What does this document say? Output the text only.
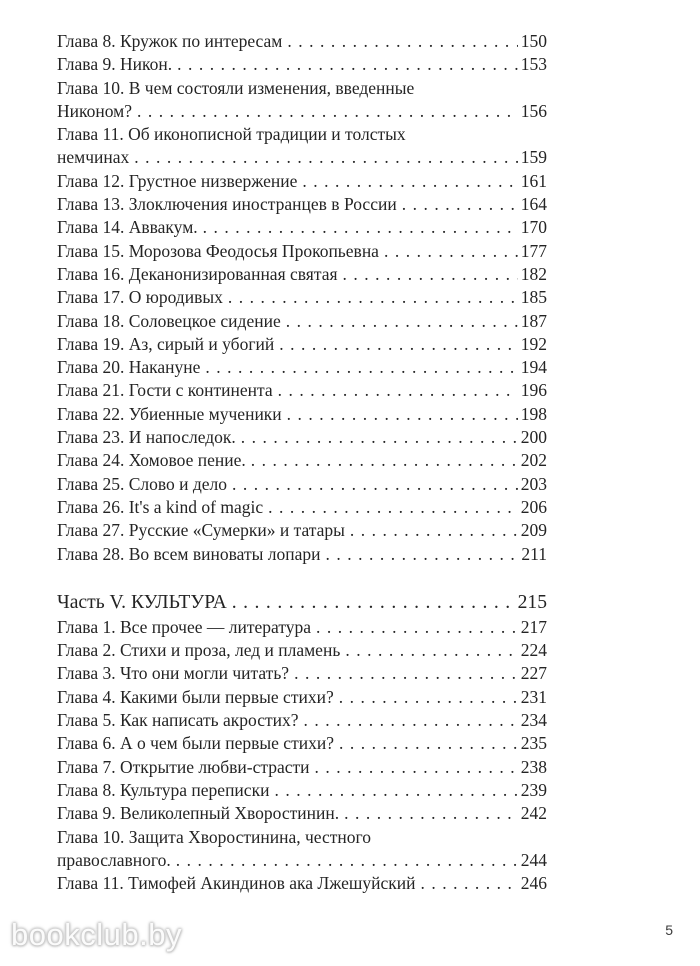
Глава 8. Кружок по интересам .....	150
Глава 9. Никон. .....	153
Глава 10. В чем состояли изменения, введенные
Никоном? .....	156
Глава 11. Об иконописной традиции и толстых
немчинах .....	159
Глава 12. Грустное низвержение .....	161
Глава 13. Злоключения иностранцев в России .....	164
Глава 14. Аввакум. .....	170
Глава 15. Морозова Феодосья Прокопьевна .....	177
Глава 16. Деканонизированная святая .....	182
Глава 17. О юродивых .....	185
Глава 18. Соловецкое сидение .....	187
Глава 19. Аз, сирый и убогий .....	192
Глава 20. Накануне .....	194
Глава 21. Гости с континента .....	196
Глава 22. Убиенные мученики .....	198
Глава 23. И напоследок. .....	200
Глава 24. Хомовое пение. .....	202
Глава 25. Слово и дело .....	203
Глава 26. It's a kind of magic .....	206
Глава 27. Русские «Сумерки» и татары .....	209
Глава 28. Во всем виноваты лопари .....	211
Часть V. КУЛЬТУРА .....	215
Глава 1. Все прочее — литература .....	217
Глава 2. Стихи и проза, лед и пламень .....	224
Глава 3. Что они могли читать? .....	227
Глава 4. Какими были первые стихи? .....	231
Глава 5. Как написать акростих? .....	234
Глава 6. А о чем были первые стихи? .....	235
Глава 7. Открытие любви-страсти .....	238
Глава 8. Культура переписки .....	239
Глава 9. Великолепный Хворостинин. .....	242
Глава 10. Защита Хворостинина, честного
православного. .....	244
Глава 11. Тимофей Акиндинов ака Лжешуйский .....	246
bookclub.by	5
